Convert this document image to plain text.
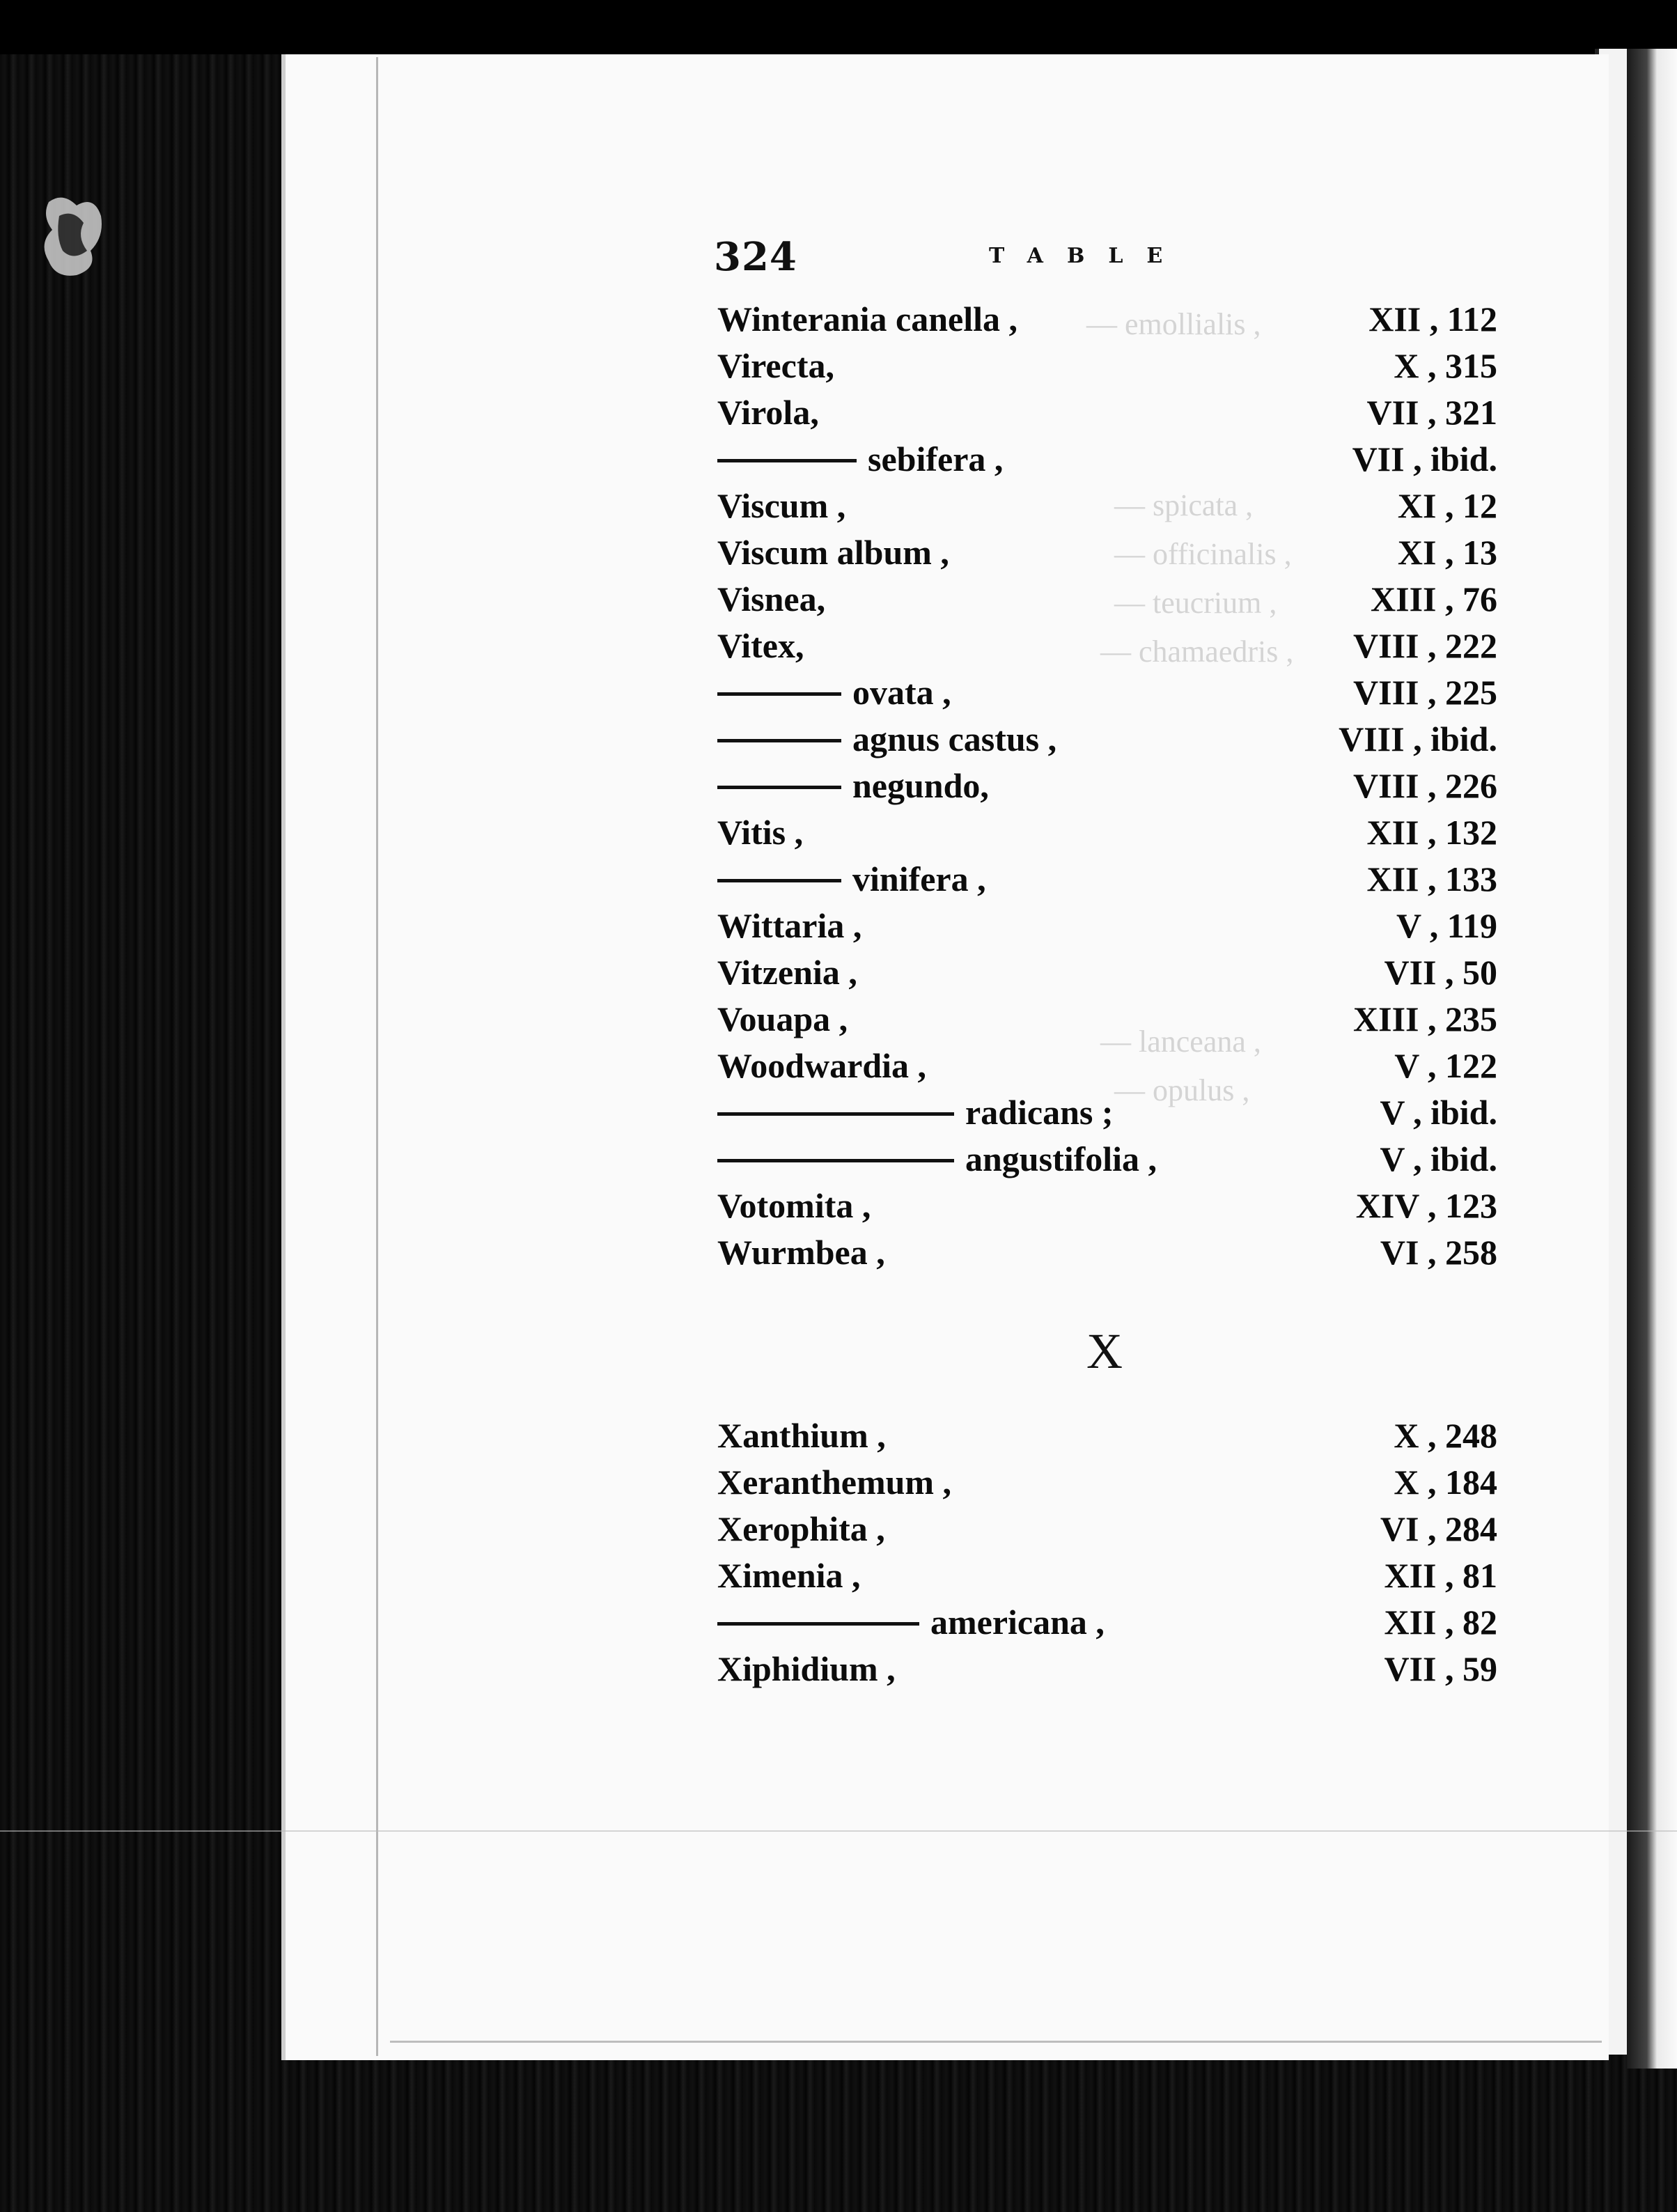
— emollialis ,
— spicata ,
— officinalis ,
— teucrium ,
— chamaedris ,
— lanceana ,
— opulus ,
324	TABLE
Winterania canella ,	XII , 112
Virecta,	X , 315
Virola,	VII , 321
sebifera ,	VII , ibid.
Viscum ,	XI , 12
Viscum album ,	XI , 13
Visnea,	XIII , 76
Vitex,	VIII , 222
ovata ,	VIII , 225
agnus castus ,	VIII , ibid.
negundo,	VIII , 226
Vitis ,	XII , 132
vinifera ,	XII , 133
Wittaria ,	V , 119
Vitzenia ,	VII , 50
Vouapa ,	XIII , 235
Woodwardia ,	V , 122
radicans ;	V , ibid.
angustifolia ,	V , ibid.
Votomita ,	XIV , 123
Wurmbea ,	VI , 258
X
Xanthium ,	X , 248
Xeranthemum ,	X , 184
Xerophita ,	VI , 284
Ximenia ,	XII , 81
americana ,	XII , 82
Xiphidium ,	VII , 59
